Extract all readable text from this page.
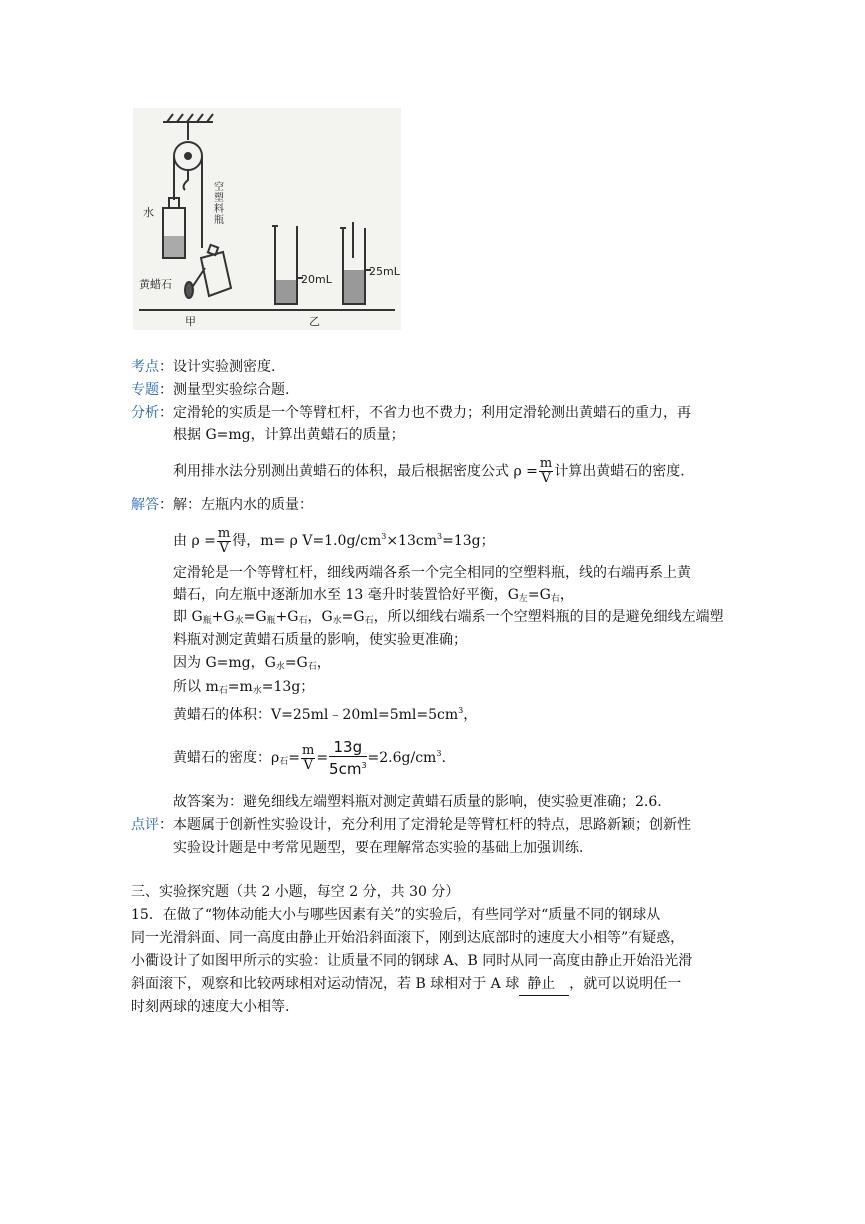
水
黄蜡石	20mL
25mL
甲	乙
空塑料瓶
考点：设计实验测密度.
专题：测量型实验综合题.
分析：定滑轮的实质是一个等臂杠杆，不省力也不费力；利用定滑轮测出黄蜡石的重力，再
根据 G=mg，计算出黄蜡石的质量；
利用排水法分别测出黄蜡石的体积，最后根据密度公式 $\rho = \frac{m}{V}$ 计算出黄蜡石的密度.
解答：解：左瓶内水的质量：
由 $\rho = \frac{m}{V}$ 得，m= ρ $V=1.0g/cm^3\times 13cm^3=13g$；
定滑轮是一个等臂杠杆，细线两端各系一个完全相同的空塑料瓶，线的右端再系上黄
蜡石，向左瓶中逐渐加水至 13 毫升时装置恰好平衡，$G_左=G_右$，
即 $G_瓶+G_水=G_瓶+G_石$，$G_水=G_石$，所以细线右端系一个空塑料瓶的目的是避免细线左端塑
料瓶对测定黄蜡石质量的影响，使实验更准确；
因为 G=mg，$G_水=G_石$，
所以 $m_石=m_水=13g$；
黄蜡石的体积：$V=25ml﹣20ml=5ml=5cm^3$，
黄蜡石的密度：$\rho_石= \frac{m}{V} = \frac{13g}{5cm^3} =2.6g/cm^3$.
故答案为：避免细线左端塑料瓶对测定黄蜡石质量的影响，使实验更准确；2.6.
点评：本题属于创新性实验设计，充分利用了定滑轮是等臂杠杆的特点，思路新颖；创新性
实验设计题是中考常见题型，要在理解常态实验的基础上加强训练.
三、实验探究题（共 2 小题，每空 2 分，共 30 分）
15．在做了“物体动能大小与哪些因素有关”的实验后，有些同学对“质量不同的钢球从
同一光滑斜面、同一高度由静止开始沿斜面滚下，刚到达底部时的速度大小相等”有疑惑，
小衢设计了如图甲所示的实验：让质量不同的钢球 A、B 同时从同一高度由静止开始沿光滑
斜面滚下，观察和比较两球相对运动情况，若 B 球相对于 A 球 静止 ，就可以说明任一
时刻两球的速度大小相等.
